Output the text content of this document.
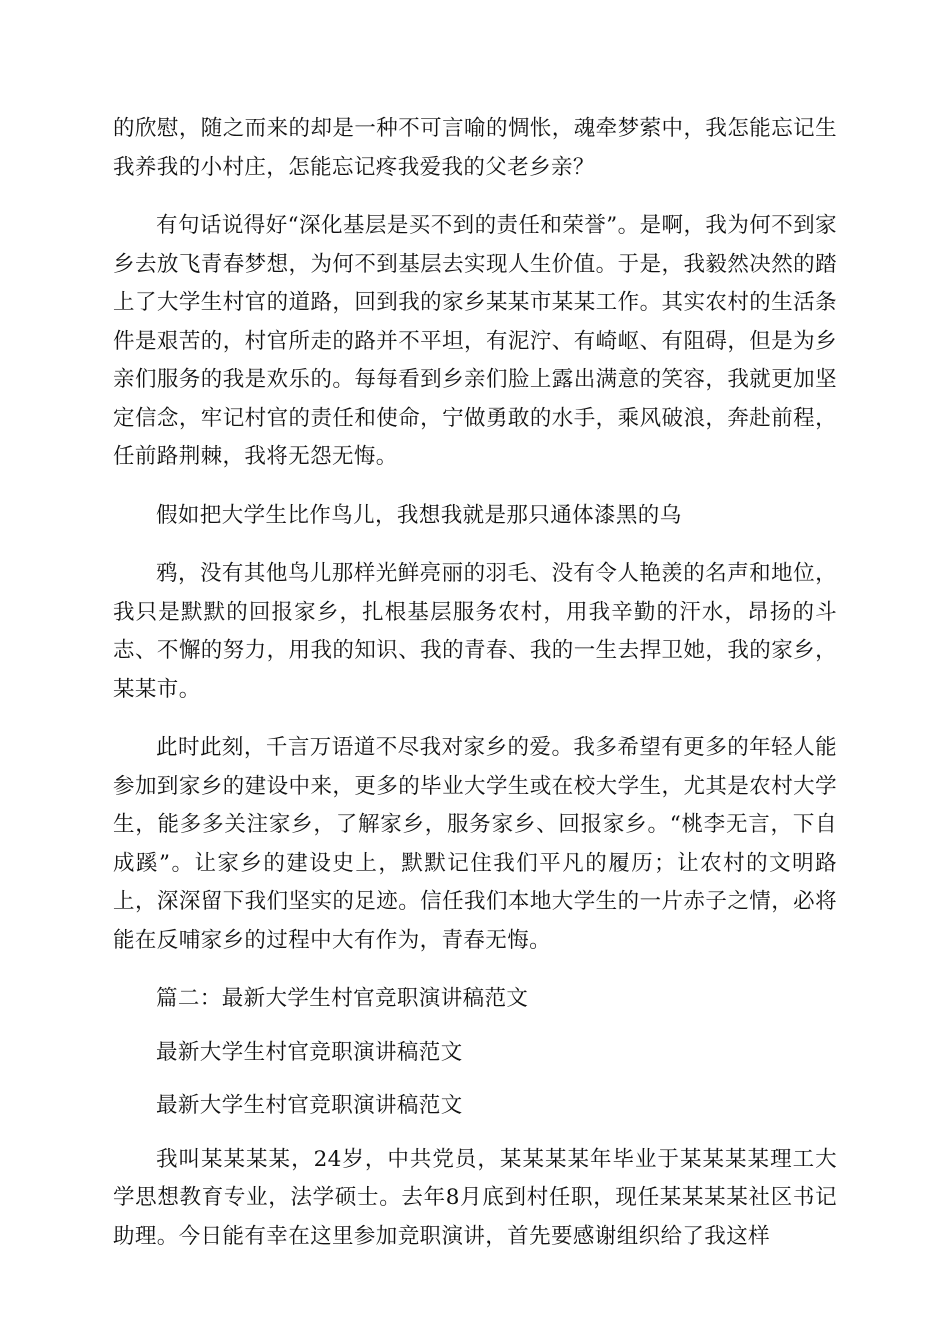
的欣慰，随之而来的却是一种不可言喻的惆怅，魂牵梦萦中，我怎能忘记生我养我的小村庄，怎能忘记疼我爱我的父老乡亲？

有句话说得好“深化基层是买不到的责任和荣誉”。是啊，我为何不到家乡去放飞青春梦想，为何不到基层去实现人生价值。于是，我毅然决然的踏上了大学生村官的道路，回到我的家乡某某市某某工作。其实农村的生活条件是艰苦的，村官所走的路并不平坦，有泥泞、有崎岖、有阻碍，但是为乡亲们服务的我是欢乐的。每每看到乡亲们脸上露出满意的笑容，我就更加坚定信念，牢记村官的责任和使命，宁做勇敢的水手，乘风破浪，奔赴前程，任前路荆棘，我将无怨无悔。

假如把大学生比作鸟儿，我想我就是那只通体漆黑的乌

鸦，没有其他鸟儿那样光鲜亮丽的羽毛、没有令人艳羡的名声和地位，我只是默默的回报家乡，扎根基层服务农村，用我辛勤的汗水，昂扬的斗志、不懈的努力，用我的知识、我的青春、我的一生去捍卫她，我的家乡，某某市。

此时此刻，千言万语道不尽我对家乡的爱。我多希望有更多的年轻人能参加到家乡的建设中来，更多的毕业大学生或在校大学生，尤其是农村大学生，能多多关注家乡，了解家乡，服务家乡、回报家乡。“桃李无言，下自成蹊”。让家乡的建设史上，默默记住我们平凡的履历；让农村的文明路上，深深留下我们坚实的足迹。信任我们本地大学生的一片赤子之情，必将能在反哺家乡的过程中大有作为，青春无悔。

篇二：最新大学生村官竞职演讲稿范文

最新大学生村官竞职演讲稿范文

最新大学生村官竞职演讲稿范文

我叫某某某某，24岁，中共党员，某某某某年毕业于某某某某理工大学思想教育专业，法学硕士。去年8月底到村任职，现任某某某某社区书记助理。今日能有幸在这里参加竞职演讲，首先要感谢组织给了我这样
